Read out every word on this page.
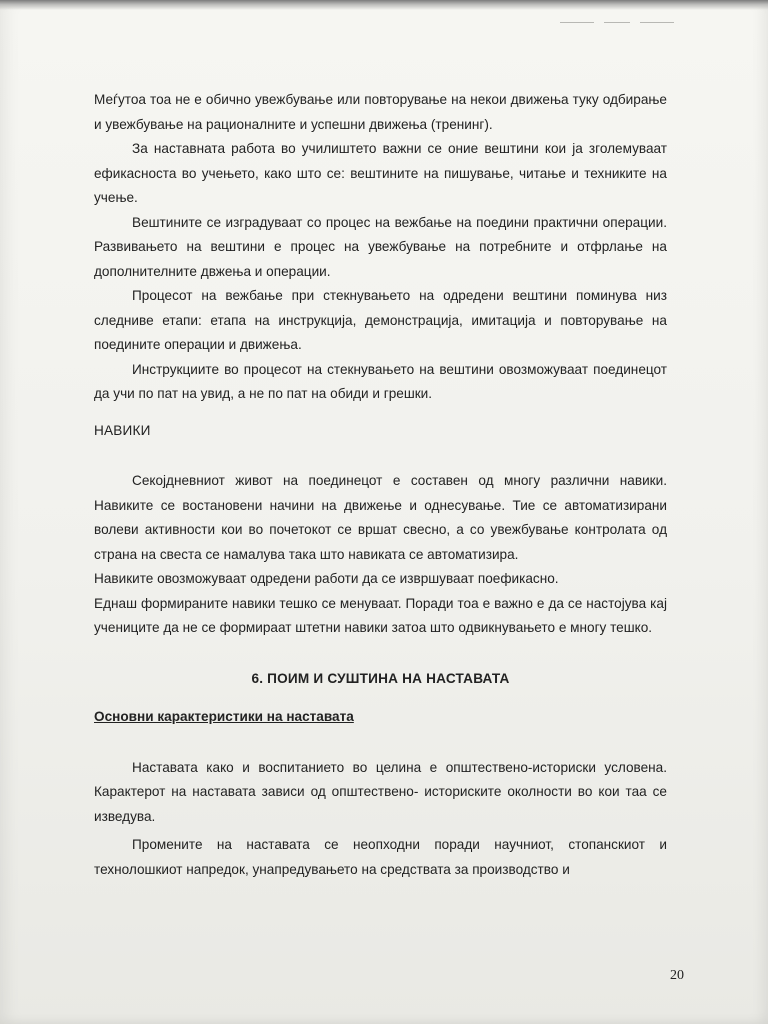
Меѓутоа тоа не е обично увежбување или повторување на некои движења туку одбирање и увежбување на рационалните и успешни движења (тренинг).

За наставната работа во училиштето важни се оние вештини кои ја зголемуваат ефикасноста во учењето, како што се: вештините на пишување, читање и техниките на учење.

Вештините се изградуваат со процес на вежбање на поедини практични операции. Развивањето на вештини е процес на увежбување на потребните и отфрлање на дополнителните двжења и операции.

Процесот на вежбање при стекнувањето на одредени вештини поминува низ следниве етапи: етапа на инструкција, демонстрација, имитација и повторување на поедините операции и движења.

Инструкциите во процесот на стекнувањето на вештини овозможуваат поединецот да учи по пат на увид, а не по пат на обиди и грешки.

НАВИКИ

Секојдневниот живот на поединецот е составен од многу различни навики. Навиките се востановени начини на движење и однесување. Тие се автоматизирани волеви активности кои во почетокот се вршат свесно, а со увежбување контролата од страна на свеста се намалува така што навиката се автоматизира.

Навиките овозможуваат одредени работи да се извршуваат поефикасно.

Еднаш формираните навики тешко се менуваат. Поради тоа е важно е да се настојува кај учениците да не се формираат штетни навики затоа што одвикнувањето е многу тешко.

6. ПОИМ И СУШТИНА НА НАСТАВАТА
Основни карактеристики на наставата

Наставата како и воспитанието во целина е општествено-историски условена. Карактерот на наставата зависи од општествено- историските околности во кои таа се изведува.

Промените на наставата се неопходни поради научниот, стопанскиот и технолошкиот напредок, унапредувањето на средствата за производство и

20
